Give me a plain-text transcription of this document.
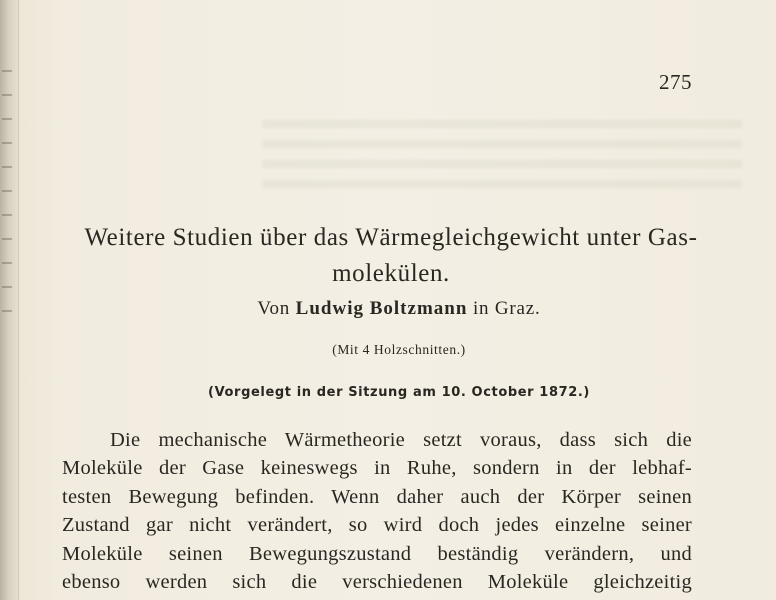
275
Weitere Studien über das Wärmegleichgewicht unter Gas-
molekülen.
Von Ludwig Boltzmann in Graz.
(Mit 4 Holzschnitten.)
(Vorgelegt in der Sitzung am 10. October 1872.)
Die mechanische Wärmetheorie setzt voraus, dass sich die
Moleküle der Gase keineswegs in Ruhe, sondern in der lebhaf-
testen Bewegung befinden. Wenn daher auch der Körper seinen
Zustand gar nicht verändert, so wird doch jedes einzelne seiner
Moleküle seinen Bewegungszustand beständig verändern, und
ebenso werden sich die verschiedenen Moleküle gleichzeitig
